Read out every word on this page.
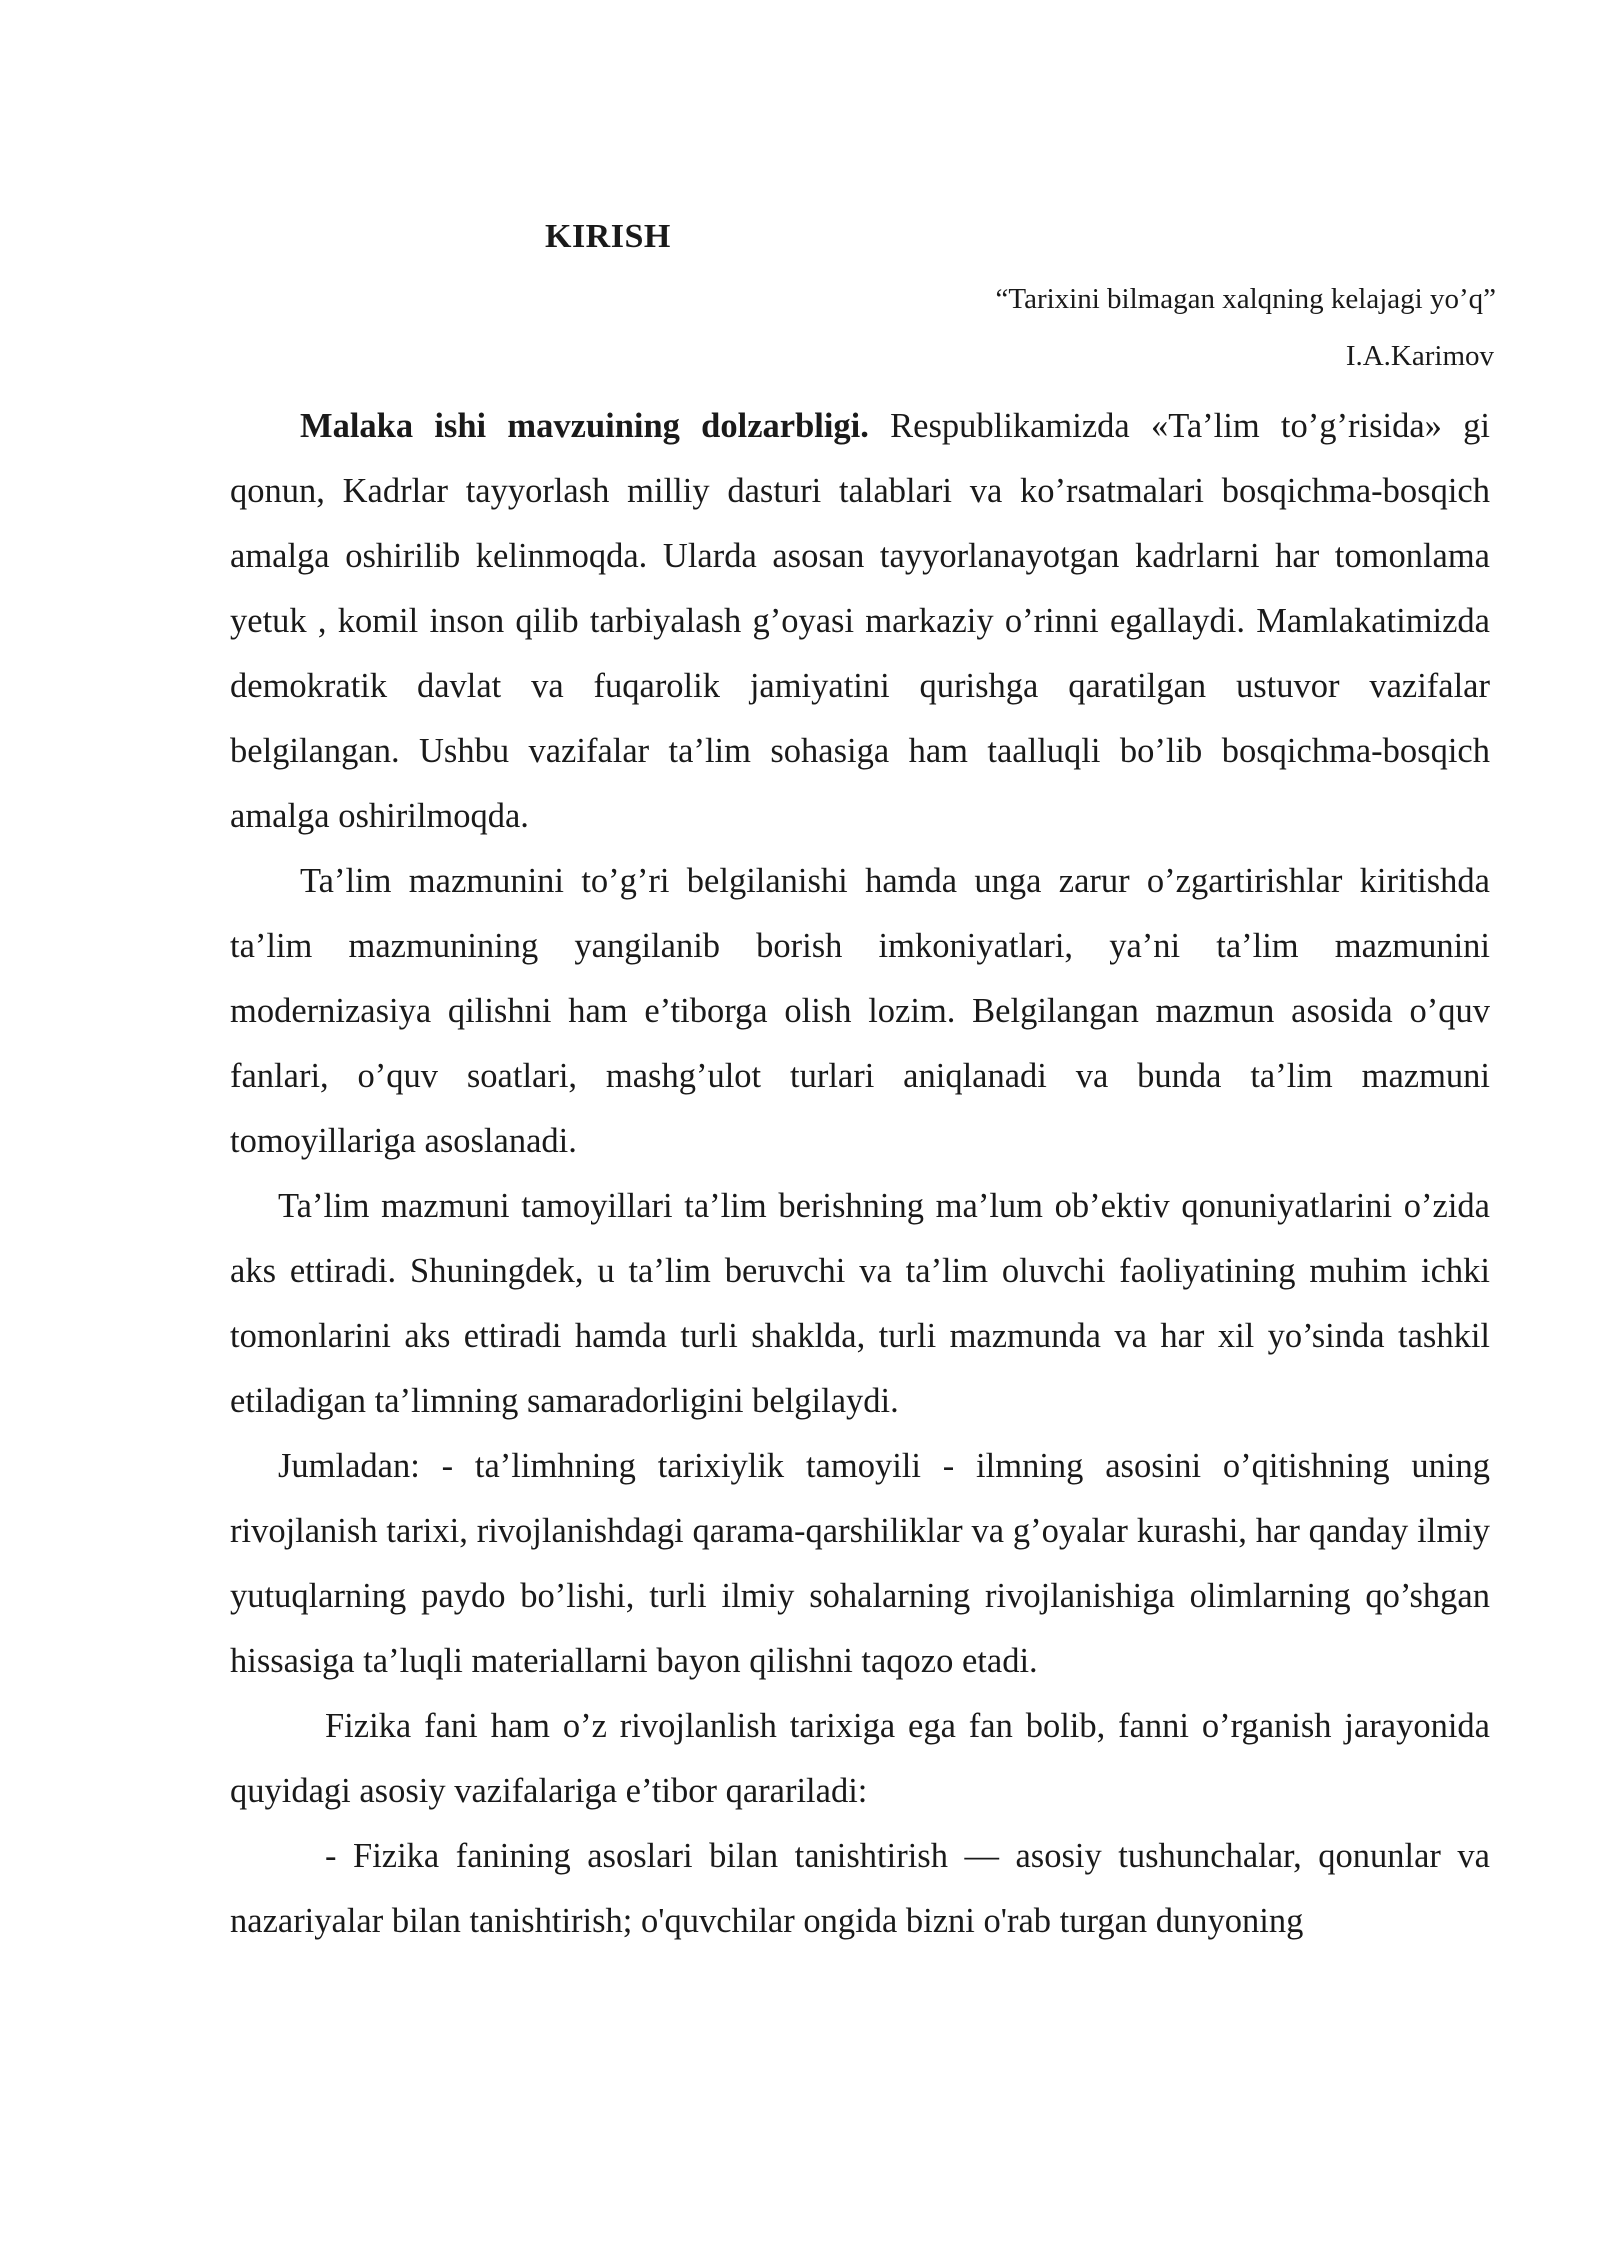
KIRISH

“Tarixini bilmagan xalqning kelajagi yo’q”

I.A.Karimov

Malaka ishi mavzuining dolzarbligi. Respublikamizda «Ta’lim to’g’risida» gi qonun, Kadrlar tayyorlash milliy dasturi talablari va ko’rsatmalari bosqichma-bosqich amalga oshirilib kelinmoqda. Ularda asosan tayyorlanayotgan kadrlarni har tomonlama yetuk , komil inson qilib tarbiyalash g’oyasi markaziy o’rinni egallaydi. Mamlakatimizda demokratik davlat va fuqarolik jamiyatini qurishga qaratilgan ustuvor vazifalar belgilangan. Ushbu vazifalar ta’lim sohasiga ham taalluqli bo’lib bosqichma-bosqich amalga oshirilmoqda.

Ta’lim mazmunini to’g’ri belgilanishi hamda unga zarur o’zgartirishlar kiritishda ta’lim mazmunining yangilanib borish imkoniyatlari, ya’ni ta’lim mazmunini modernizasiya qilishni ham e’tiborga olish lozim. Belgilangan mazmun asosida o’quv fanlari, o’quv soatlari, mashg’ulot turlari aniqlanadi va bunda ta’lim mazmuni tomoyillariga asoslanadi.

Ta’lim mazmuni tamoyillari ta’lim berishning ma’lum ob’ektiv qonuniyatlarini o’zida aks ettiradi. Shuningdek, u ta’lim beruvchi va ta’lim oluvchi faoliyatining muhim ichki tomonlarini aks ettiradi hamda turli shaklda, turli mazmunda va har xil yo’sinda tashkil etiladigan ta’limning samaradorligini belgilaydi.

Jumladan: - ta’limhning tarixiylik tamoyili - ilmning asosini o’qitishning uning rivojlanish tarixi, rivojlanishdagi qarama-qarshiliklar va g’oyalar kurashi, har qanday ilmiy yutuqlarning paydo bo’lishi, turli ilmiy sohalarning rivojlanishiga olimlarning qo’shgan hissasiga ta’luqli materiallarni bayon qilishni taqozo etadi.

Fizika fani ham o’z rivojlanlish tarixiga ega fan bolib, fanni o’rganish jarayonida quyidagi asosiy vazifalariga e’tibor qarariladi:

- Fizika fanining asoslari bilan tanishtirish — asosiy tushunchalar, qonunlar va nazariyalar bilan tanishtirish; o'quvchilar ongida bizni o'rab turgan dunyoning
